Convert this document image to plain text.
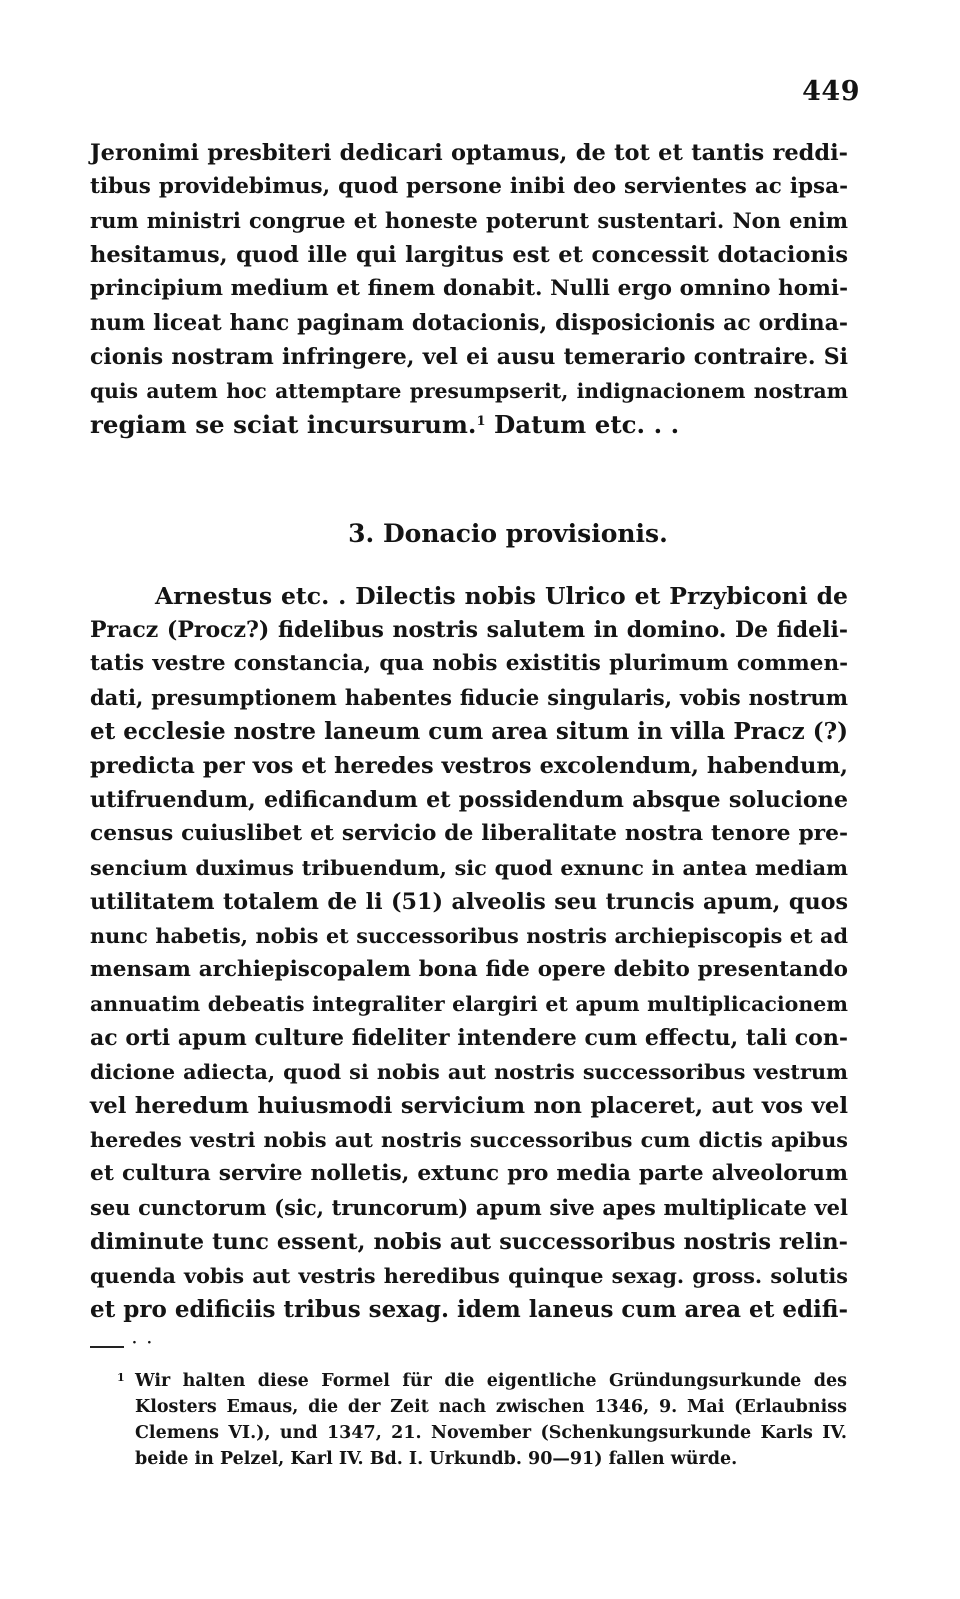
449
Jeronimi presbiteri dedicari optamus, de tot et tantis reddi-
tibus providebimus, quod persone inibi deo servientes ac ipsa-
rum ministri congrue et honeste poterunt sustentari. Non enim
hesitamus, quod ille qui largitus est et concessit dotacionis
principium medium et finem donabit. Nulli ergo omnino homi-
num liceat hanc paginam dotacionis, disposicionis ac ordina-
cionis nostram infringere, vel ei ausu temerario contraire. Si
quis autem hoc attemptare presumpserit, indignacionem nostram
regiam se sciat incursurum.$^1$ Datum etc. . .
3. Donacio provisionis.
Arnestus etc. . Dilectis nobis Ulrico et Przybiconi de
Pracz (Procz?) fidelibus nostris salutem in domino. De fideli-
tatis vestre constancia, qua nobis existitis plurimum commen-
dati, presumptionem habentes fiducie singularis, vobis nostrum
et ecclesie nostre laneum cum area situm in villa Pracz (?)
predicta per vos et heredes vestros excolendum, habendum,
utifruendum, edificandum et possidendum absque solucione
census cuiuslibet et servicio de liberalitate nostra tenore pre-
sencium duximus tribuendum, sic quod exnunc in antea mediam
utilitatem totalem de li (51) alveolis seu truncis apum, quos
nunc habetis, nobis et successoribus nostris archiepiscopis et ad
mensam archiepiscopalem bona fide opere debito presentando
annuatim debeatis integraliter elargiri et apum multiplicacionem
ac orti apum culture fideliter intendere cum effectu, tali con-
dicione adiecta, quod si nobis aut nostris successoribus vestrum
vel heredum huiusmodi servicium non placeret, aut vos vel
heredes vestri nobis aut nostris successoribus cum dictis apibus
et cultura servire nolletis, extunc pro media parte alveolorum
seu cunctorum (sic, truncorum) apum sive apes multiplicate vel
diminute tunc essent, nobis aut successoribus nostris relin-
quenda vobis aut vestris heredibus quinque sexag. gross. solutis
et pro edificiis tribus sexag. idem laneus cum area et edifi-
··
1 Wir halten diese Formel für die eigentliche Gründungsurkunde des
Klosters Emaus, die der Zeit nach zwischen 1346, 9. Mai (Erlaubniss
Clemens VI.), und 1347, 21. November (Schenkungsurkunde Karls IV.
beide in Pelzel, Karl IV. Bd. I. Urkundb. 90—91) fallen würde.
